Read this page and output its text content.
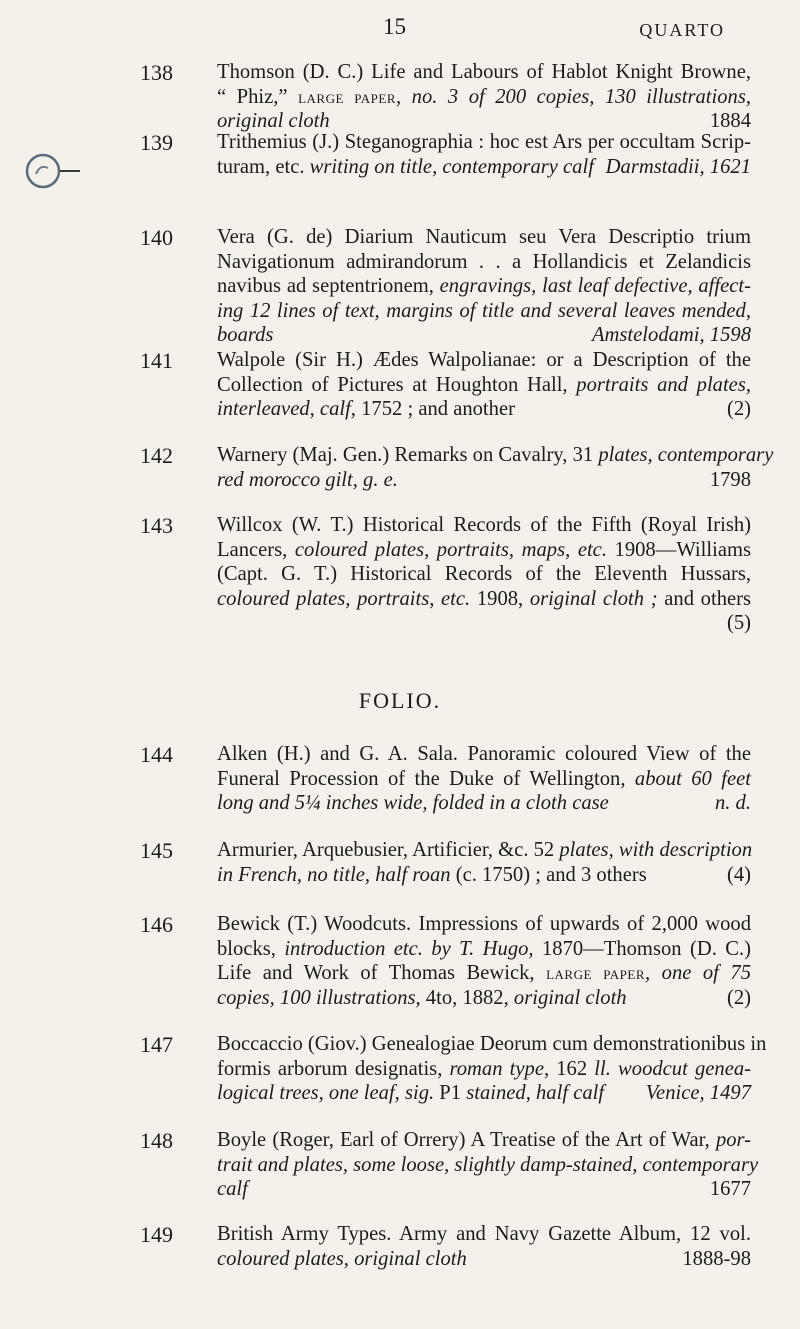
15	QUARTO
138 Thomson (D. C.) Life and Labours of Hablot Knight Browne,
“ Phiz,” large paper, no. 3 of 200 copies, 130 illustrations,
original cloth	1884
139 Trithemius (J.) Steganographia : hoc est Ars per occultam Scrip-
turam, etc. writing on title, contemporary calf Darmstadii, 1621
140 Vera (G. de) Diarium Nauticum seu Vera Descriptio trium
Navigationum admirandorum . . a Hollandicis et Zelandicis
navibus ad septentrionem, engravings, last leaf defective, affect-
ing 12 lines of text, margins of title and several leaves mended,
boards	Amstelodami, 1598
141 Walpole (Sir H.) Ædes Walpolianae: or a Description of the
Collection of Pictures at Houghton Hall, portraits and plates,
interleaved, calf, 1752 ; and another	(2)
142 Warnery (Maj. Gen.) Remarks on Cavalry, 31 plates, contemporary
red morocco gilt, g. e.	1798
143 Willcox (W. T.) Historical Records of the Fifth (Royal Irish)
Lancers, coloured plates, portraits, maps, etc. 1908—Williams
(Capt. G. T.) Historical Records of the Eleventh Hussars,
coloured plates, portraits, etc. 1908, original cloth ; and others
(5)
FOLIO.
144 Alken (H.) and G. A. Sala. Panoramic coloured View of the
Funeral Procession of the Duke of Wellington, about 60 feet
long and 5¼ inches wide, folded in a cloth case	n. d.
145 Armurier, Arquebusier, Artificier, &c. 52 plates, with description
in French, no title, half roan (c. 1750) ; and 3 others	(4)
146 Bewick (T.) Woodcuts. Impressions of upwards of 2,000 wood
blocks, introduction etc. by T. Hugo, 1870—Thomson (D. C.)
Life and Work of Thomas Bewick, large paper, one of 75
copies, 100 illustrations, 4to, 1882, original cloth	(2)
147 Boccaccio (Giov.) Genealogiae Deorum cum demonstrationibus in
formis arborum designatis, roman type, 162 ll. woodcut genea-
logical trees, one leaf, sig. P1 stained, half calf Venice, 1497
148 Boyle (Roger, Earl of Orrery) A Treatise of the Art of War, por-
trait and plates, some loose, slightly damp-stained, contemporary
calf	1677
149 British Army Types. Army and Navy Gazette Album, 12 vol.
coloured plates, original cloth	1888-98
